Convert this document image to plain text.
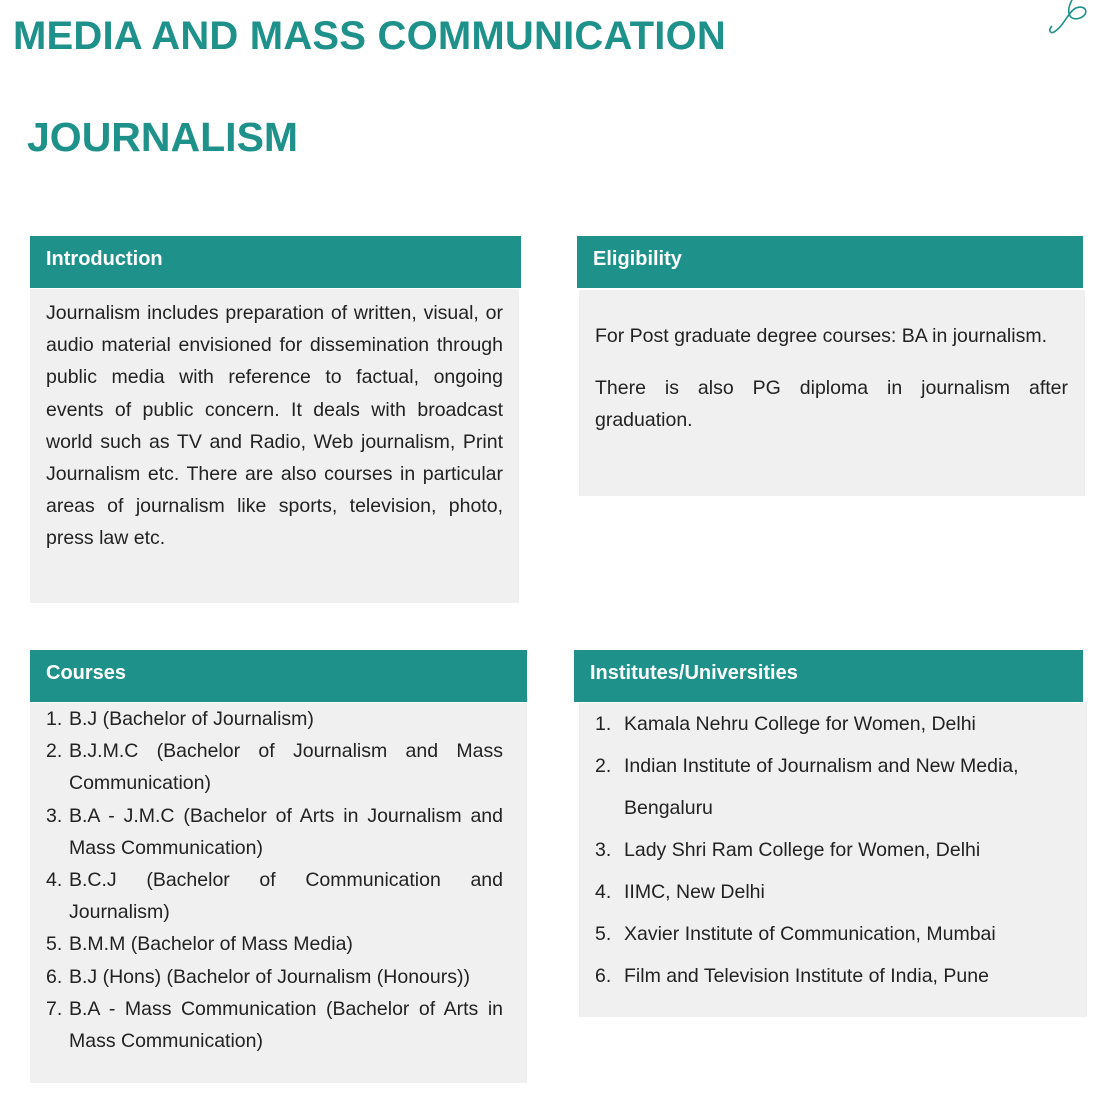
MEDIA AND MASS COMMUNICATION
JOURNALISM
Introduction

Journalism includes preparation of written, visual, or audio material envisioned for dissemination through public media with reference to factual, ongoing events of public concern. It deals with broadcast world such as TV and Radio, Web journalism, Print Journalism etc. There are also courses in particular areas of journalism like sports, television, photo, press law etc.

Eligibility

For Post graduate degree courses: BA in journalism.

There is also PG diploma in journalism after graduation.

Courses
1. B.J (Bachelor of Journalism)
2. B.J.M.C (Bachelor of Journalism and Mass Communication)
3. B.A - J.M.C (Bachelor of Arts in Journalism and Mass Communication)
4. B.C.J (Bachelor of Communication and Journalism)
5. B.M.M (Bachelor of Mass Media)
6. B.J (Hons) (Bachelor of Journalism (Honours))
7. B.A - Mass Communication (Bachelor of Arts in Mass Communication)
Institutes/Universities
1. Kamala Nehru College for Women, Delhi
2. Indian Institute of Journalism and New Media, Bengaluru
3. Lady Shri Ram College for Women, Delhi
4. IIMC, New Delhi
5. Xavier Institute of Communication, Mumbai
6. Film and Television Institute of India, Pune
